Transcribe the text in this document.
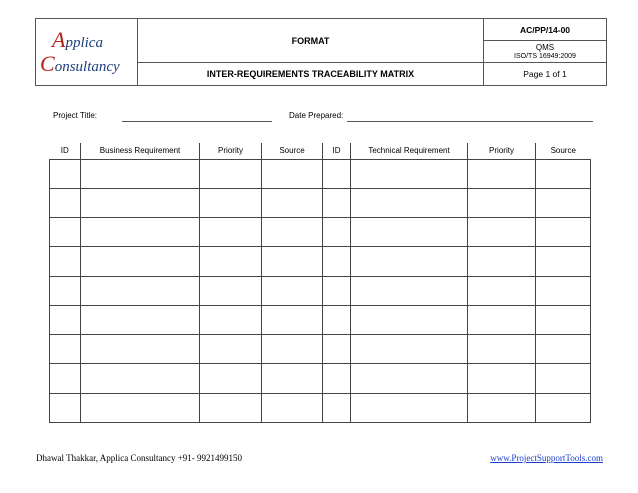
Applica
Consultancy	FORMAT	AC/PP/14-00

		QMS
ISO/TS 16949:2009

	INTER-REQUIREMENTS TRACEABILITY MATRIX	Page 1 of 1
Project Title:	Date Prepared:
ID	Business Requirement	Priority	Source	ID	Technical Requirement	Priority	Source

Dhawal Thakkar, Applica Consultancy +91- 9921499150	www.ProjectSupportTools.com
